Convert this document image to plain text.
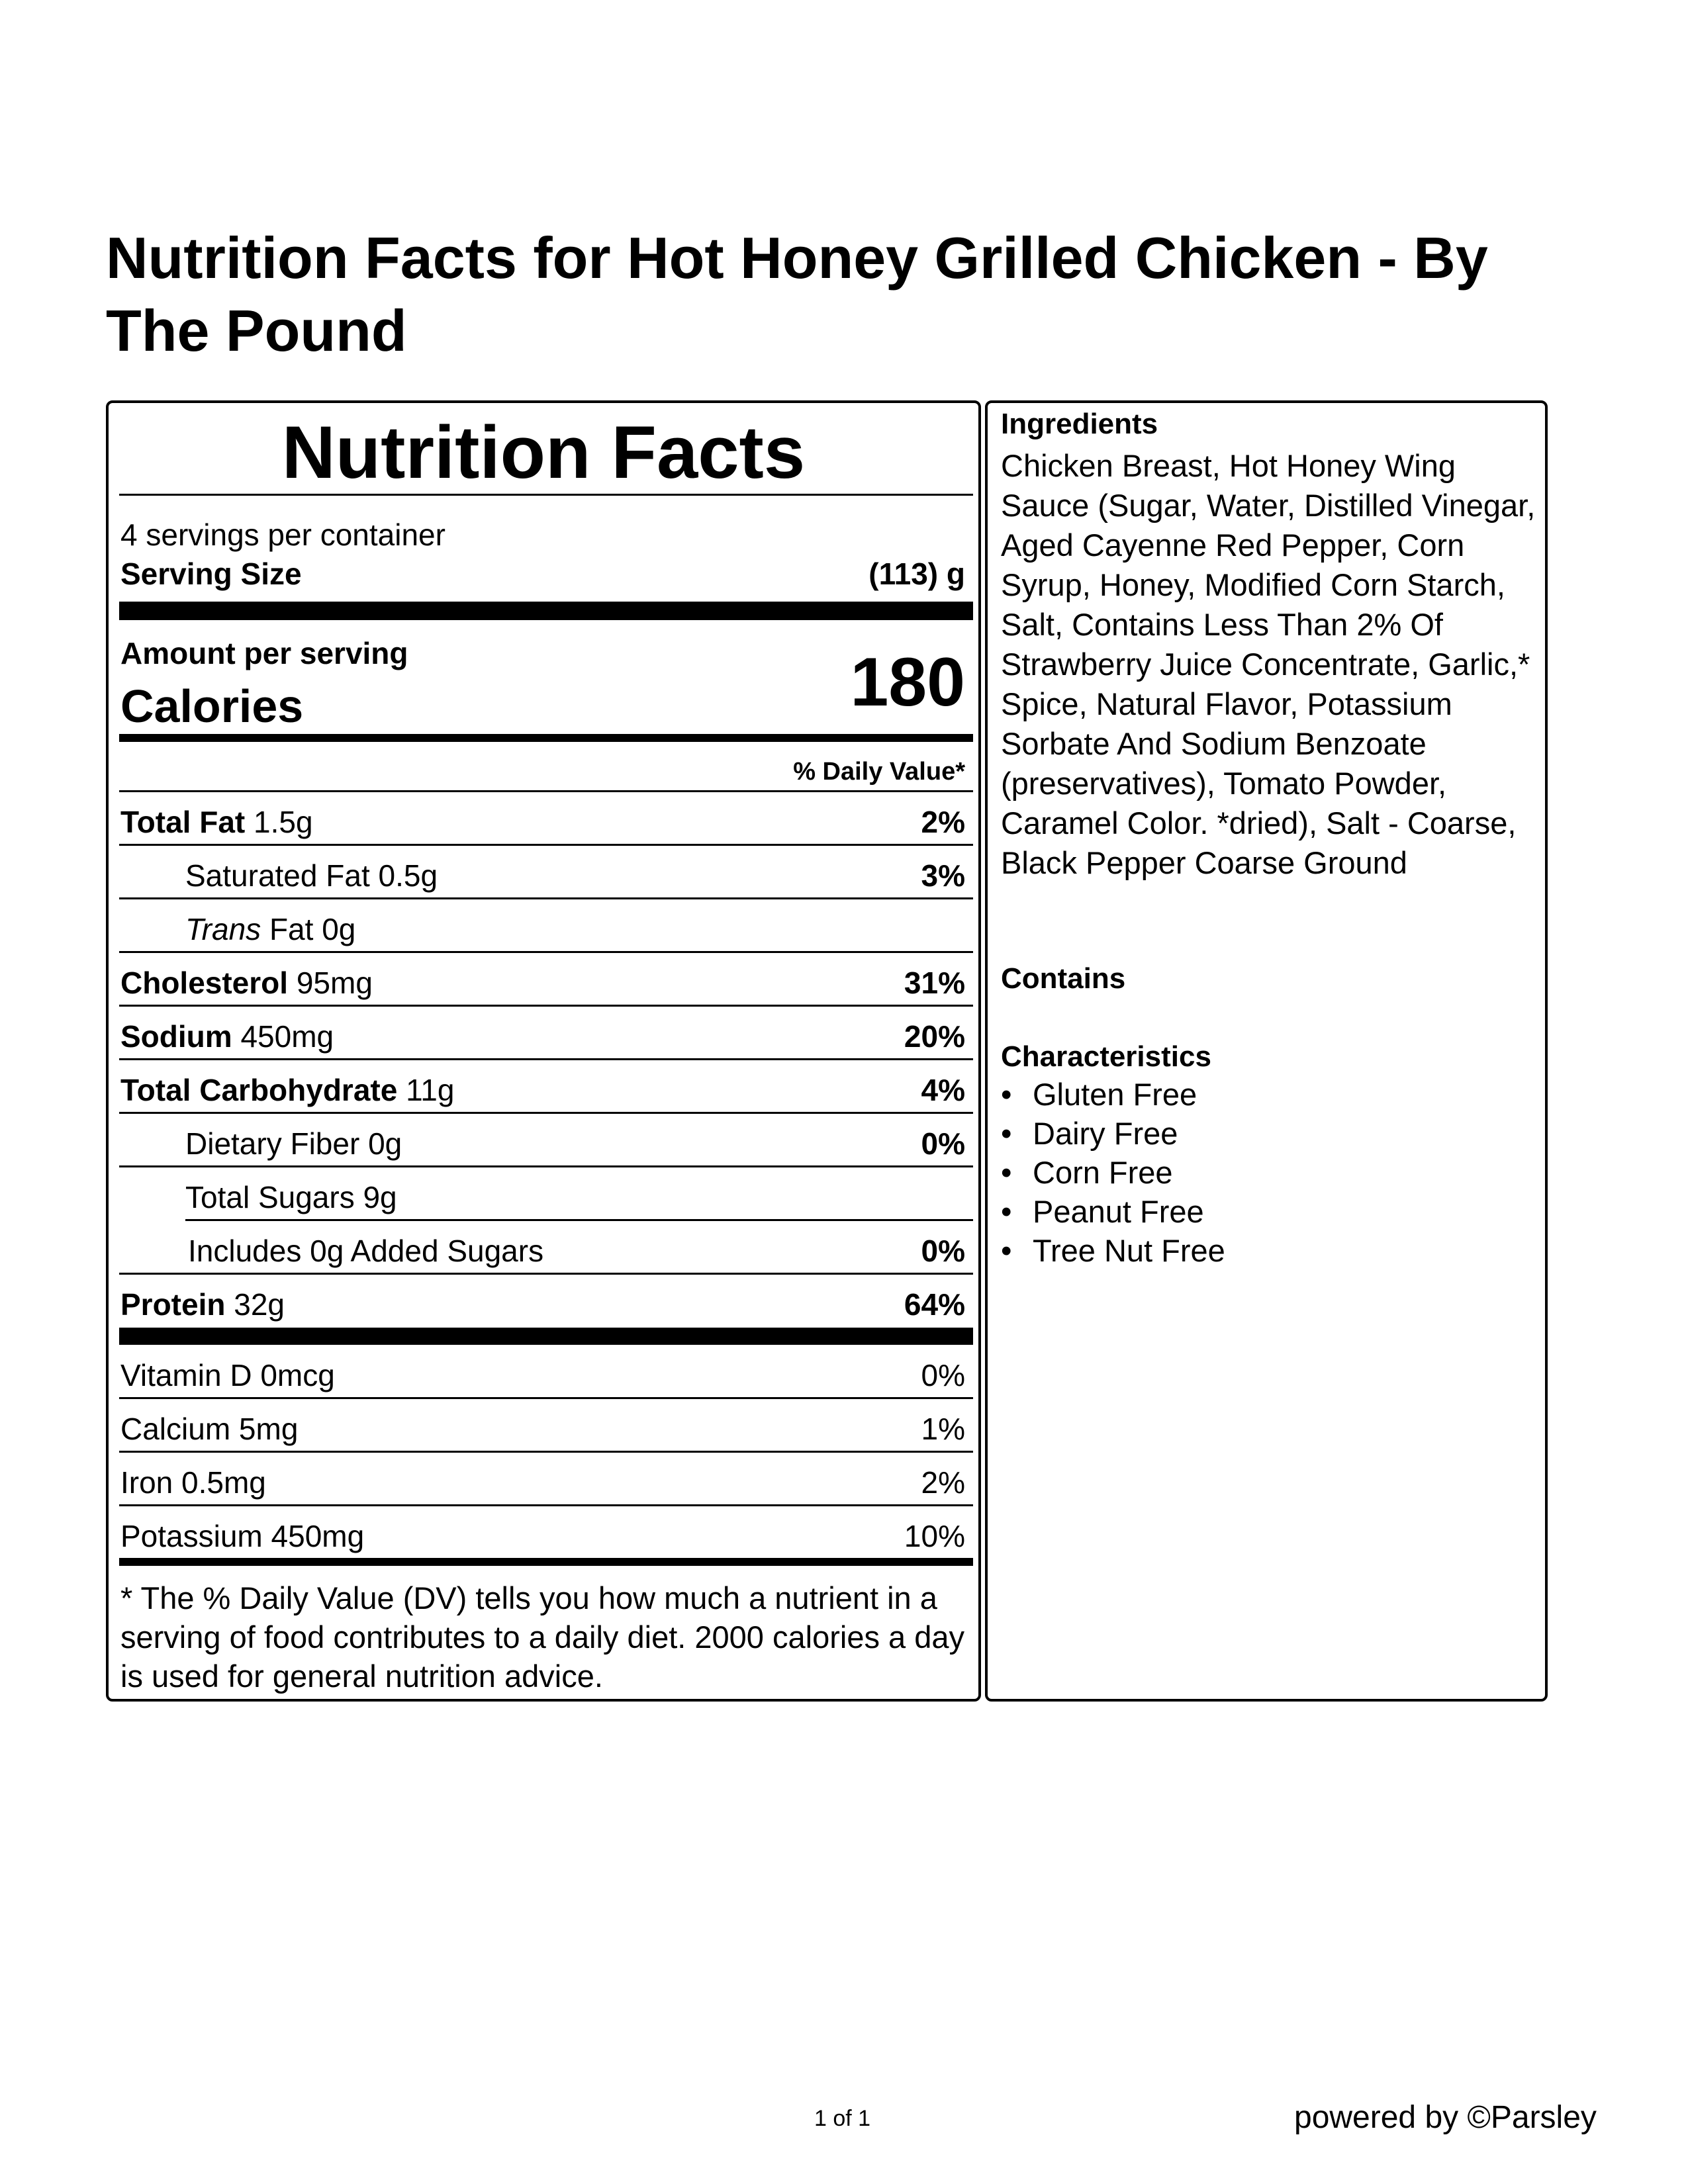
Nutrition Facts for Hot Honey Grilled Chicken - By The Pound
Nutrition Facts
4 servings per container
Serving Size	(113) g
Amount per serving
Calories	180
% Daily Value*
Total Fat 1.5g	2%
Saturated Fat 0.5g	3%
Trans Fat 0g
Cholesterol 95mg	31%
Sodium 450mg	20%
Total Carbohydrate 11g	4%
Dietary Fiber 0g	0%
Total Sugars 9g
Includes 0g Added Sugars	0%
Protein 32g	64%
Vitamin D 0mcg	0%
Calcium 5mg	1%
Iron 0.5mg	2%
Potassium 450mg	10%
* The % Daily Value (DV) tells you how much a nutrient in a serving of food contributes to a daily diet. 2000 calories a day is used for general nutrition advice.
Ingredients
Chicken Breast, Hot Honey Wing Sauce (Sugar, Water, Distilled Vinegar, Aged Cayenne Red Pepper, Corn Syrup, Honey, Modified Corn Starch, Salt, Contains Less Than 2% Of Strawberry Juice Concentrate, Garlic,* Spice, Natural Flavor, Potassium Sorbate And Sodium Benzoate (preservatives), Tomato Powder, Caramel Color. *dried), Salt - Coarse, Black Pepper Coarse Ground
Contains
Characteristics
• Gluten Free
• Dairy Free
• Corn Free
• Peanut Free
• Tree Nut Free
1 of 1	powered by ©Parsley
